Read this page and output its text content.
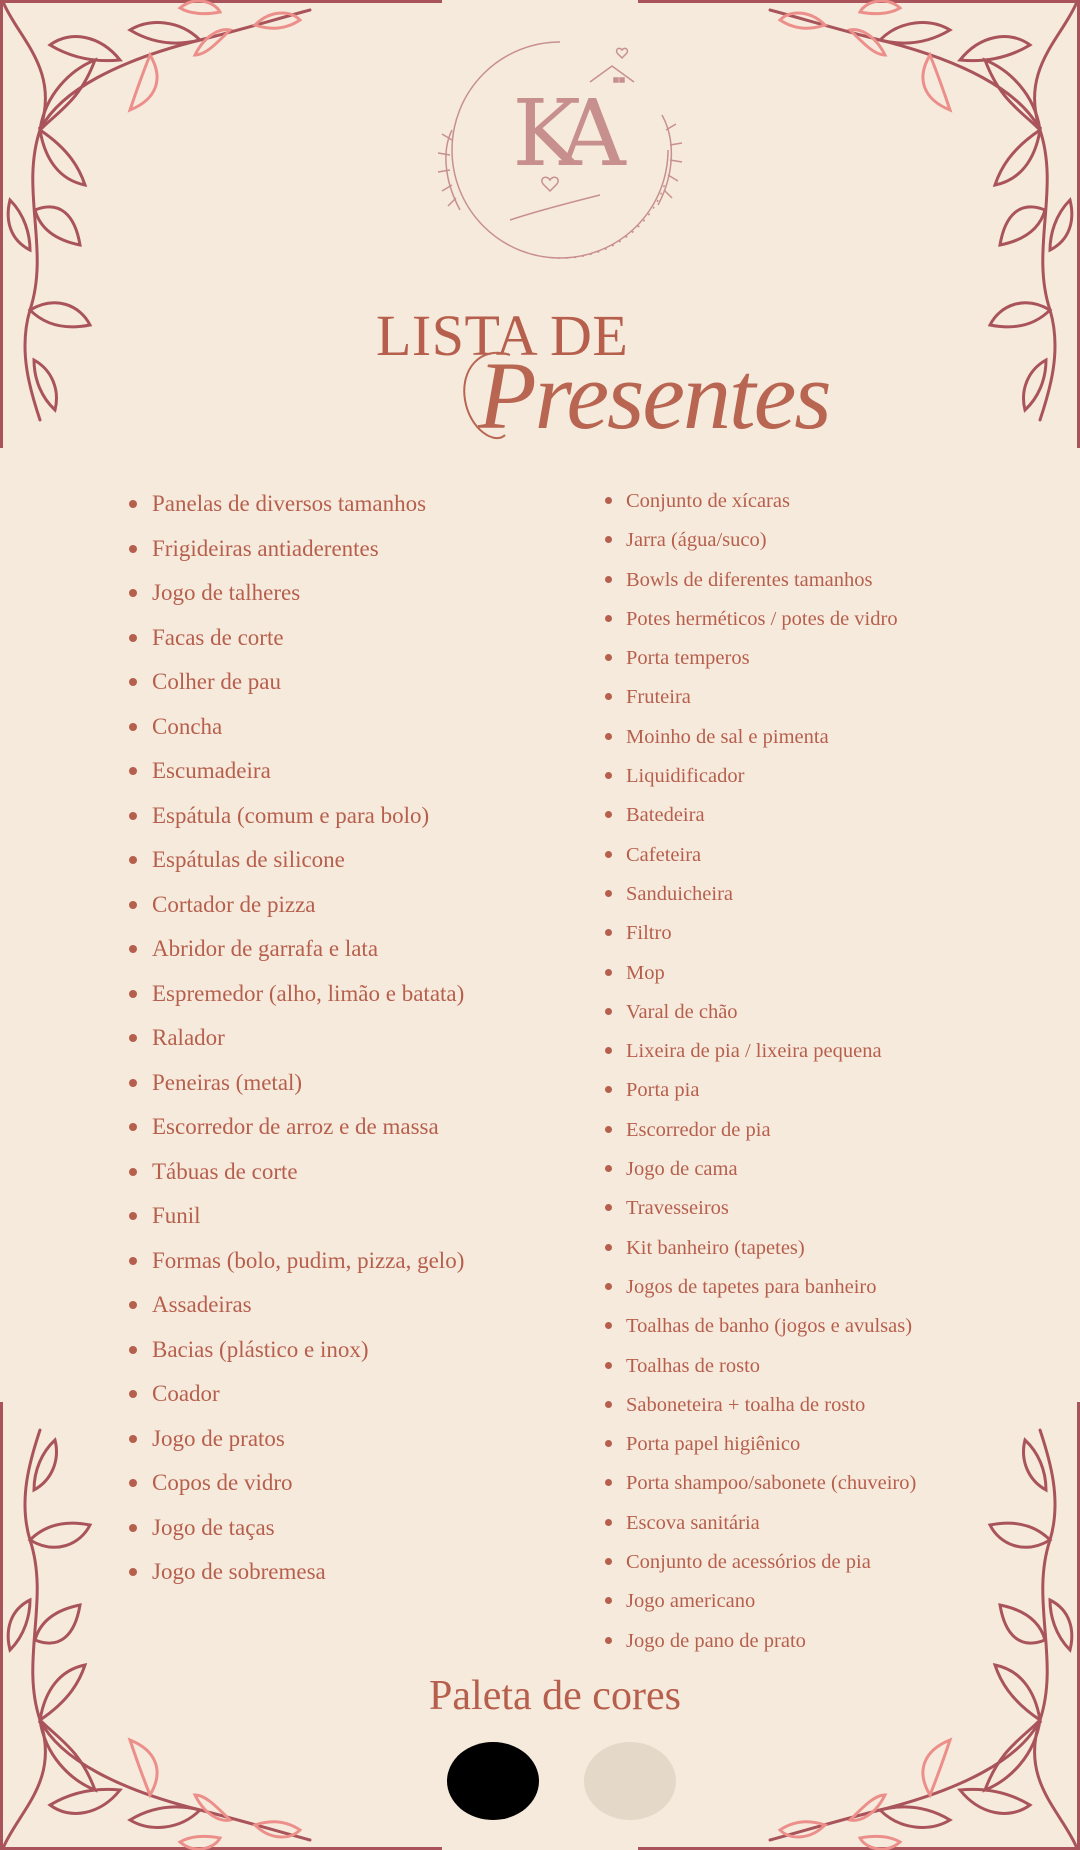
KA
LISTA DE
Presentes
Panelas de diversos tamanhos
Frigideiras antiaderentes
Jogo de talheres
Facas de corte
Colher de pau
Concha
Escumadeira
Espátula (comum e para bolo)
Espátulas de silicone
Cortador de pizza
Abridor de garrafa e lata
Espremedor (alho, limão e batata)
Ralador
Peneiras (metal)
Escorredor de arroz e de massa
Tábuas de corte
Funil
Formas (bolo, pudim, pizza, gelo)
Assadeiras
Bacias (plástico e inox)
Coador
Jogo de pratos
Copos de vidro
Jogo de taças
Jogo de sobremesa
Conjunto de xícaras
Jarra (água/suco)
Bowls de diferentes tamanhos
Potes herméticos / potes de vidro
Porta temperos
Fruteira
Moinho de sal e pimenta
Liquidificador
Batedeira
Cafeteira
Sanduicheira
Filtro
Mop
Varal de chão
Lixeira de pia / lixeira pequena
Porta pia
Escorredor de pia
Jogo de cama
Travesseiros
Kit banheiro (tapetes)
Jogos de tapetes para banheiro
Toalhas de banho (jogos e avulsas)
Toalhas de rosto
Saboneteira + toalha de rosto
Porta papel higiênico
Porta shampoo/sabonete (chuveiro)
Escova sanitária
Conjunto de acessórios de pia
Jogo americano
Jogo de pano de prato
Paleta de cores
